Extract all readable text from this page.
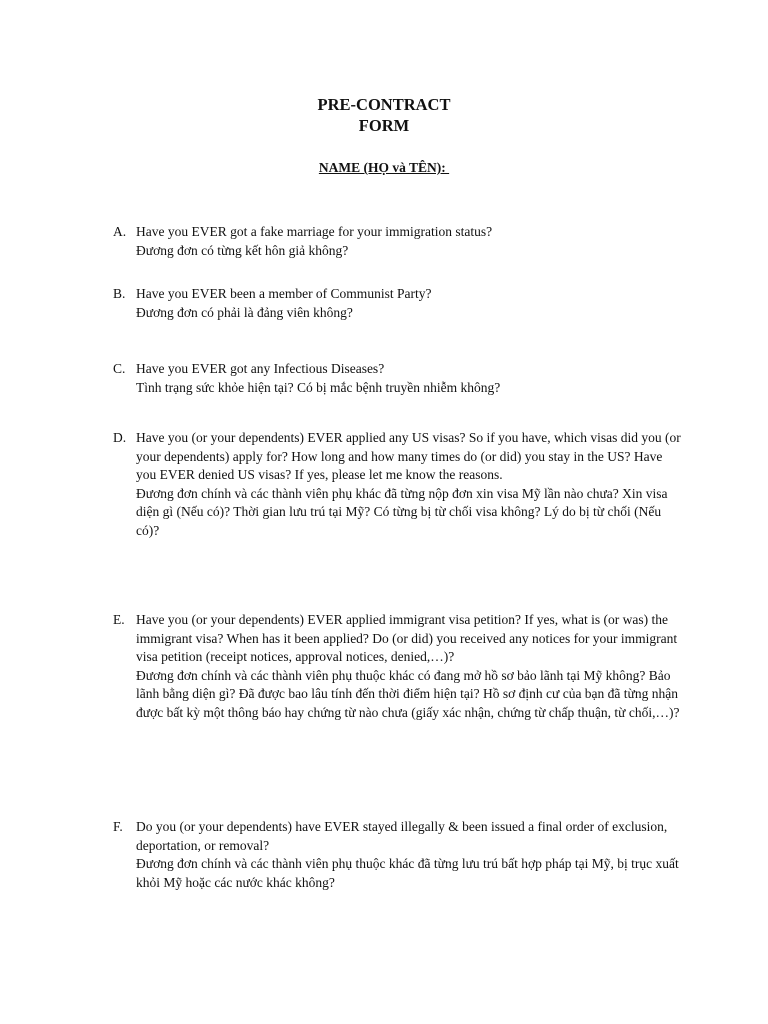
PRE-CONTRACT
FORM
NAME (HỌ và TÊN):
A. Have you EVER got a fake marriage for your immigration status?

Đương đơn có từng kết hôn giả không?

B. Have you EVER been a member of Communist Party?

Đương đơn có phải là đảng viên không?

C. Have you EVER got any Infectious Diseases?

Tình trạng sức khỏe hiện tại? Có bị mắc bệnh truyền nhiễm không?

D. Have you (or your dependents) EVER applied any US visas? So if you have, which visas did you (or your dependents) apply for? How long and how many times do (or did) you stay in the US? Have you EVER denied US visas? If yes, please let me know the reasons.

Đương đơn chính và các thành viên phụ khác đã từng nộp đơn xin visa Mỹ lần nào chưa? Xin visa diện gì (Nếu có)? Thời gian lưu trú tại Mỹ? Có từng bị từ chối visa không? Lý do bị từ chối (Nếu có)?

E. Have you (or your dependents) EVER applied immigrant visa petition? If yes, what is (or was) the immigrant visa? When has it been applied? Do (or did) you received any notices for your immigrant visa petition (receipt notices, approval notices, denied,…)?

Đương đơn chính và các thành viên phụ thuộc khác có đang mở hồ sơ bảo lãnh tại Mỹ không? Bảo lãnh bằng diện gì? Đã được bao lâu tính đến thời điểm hiện tại? Hồ sơ định cư của bạn đã từng nhận được bất kỳ một thông báo hay chứng từ nào chưa (giấy xác nhận, chứng từ chấp thuận, từ chối,…)?

F. Do you (or your dependents) have EVER stayed illegally & been issued a final order of exclusion, deportation, or removal?

Đương đơn chính và các thành viên phụ thuộc khác đã từng lưu trú bất hợp pháp tại Mỹ, bị trục xuất khỏi Mỹ hoặc các nước khác không?
